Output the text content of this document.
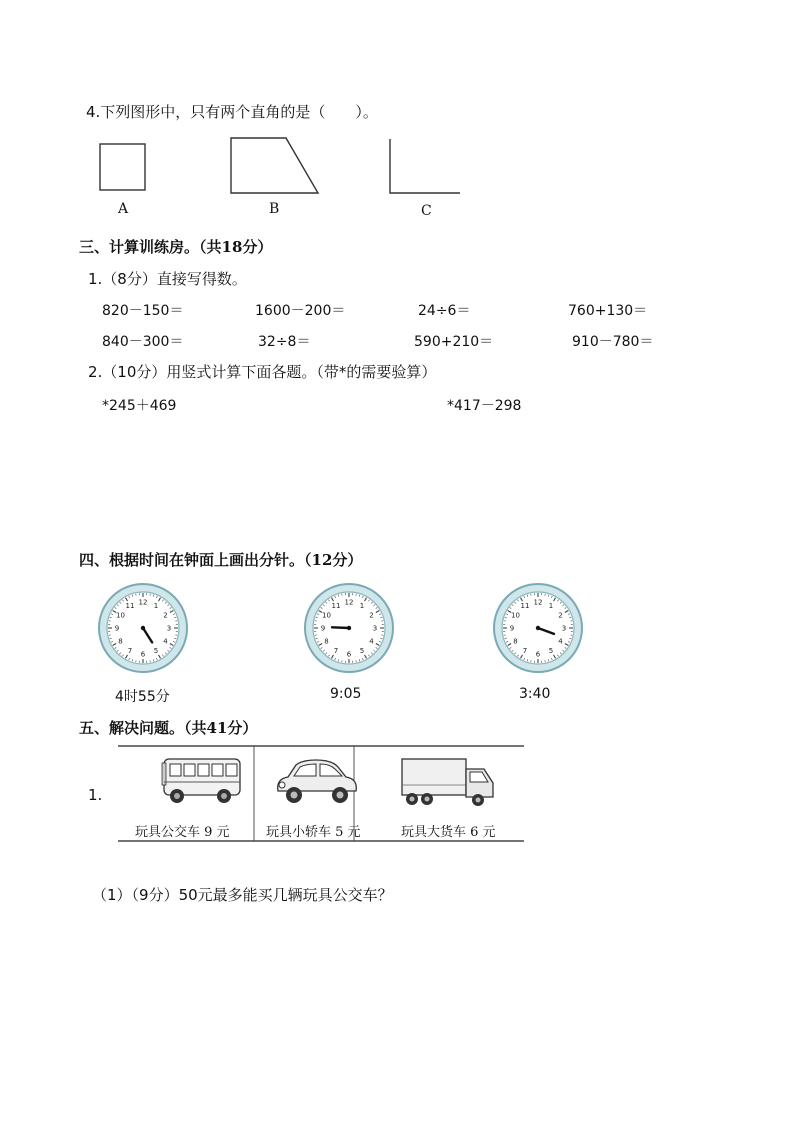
4.下列图形中，只有两个直角的是（　　）。
A	B	C
三、计算训练房。（共18分）
1.（8分）直接写得数。
820－150＝	1600－200＝	24÷6＝	760+130＝
840－300＝	32÷8＝	590+210＝	910－780＝
2.（10分）用竖式计算下面各题。（带*的需要验算）
*245＋469	*417－298
四、根据时间在钟面上画出分针。（12分）
12 1
2
3
4
5
6
7
8
9
10
11	12 1
2
3
4
5
6
7
8
9
10
11	12 1
2
3
4
5
6
7
8
9
10
11
4时55分	9:05	3:40
五、解决问题。（共41分）
1.
玩具公交车 9 元	玩具小轿车 5 元	玩具大货车 6 元
（1）（9分）50元最多能买几辆玩具公交车？
